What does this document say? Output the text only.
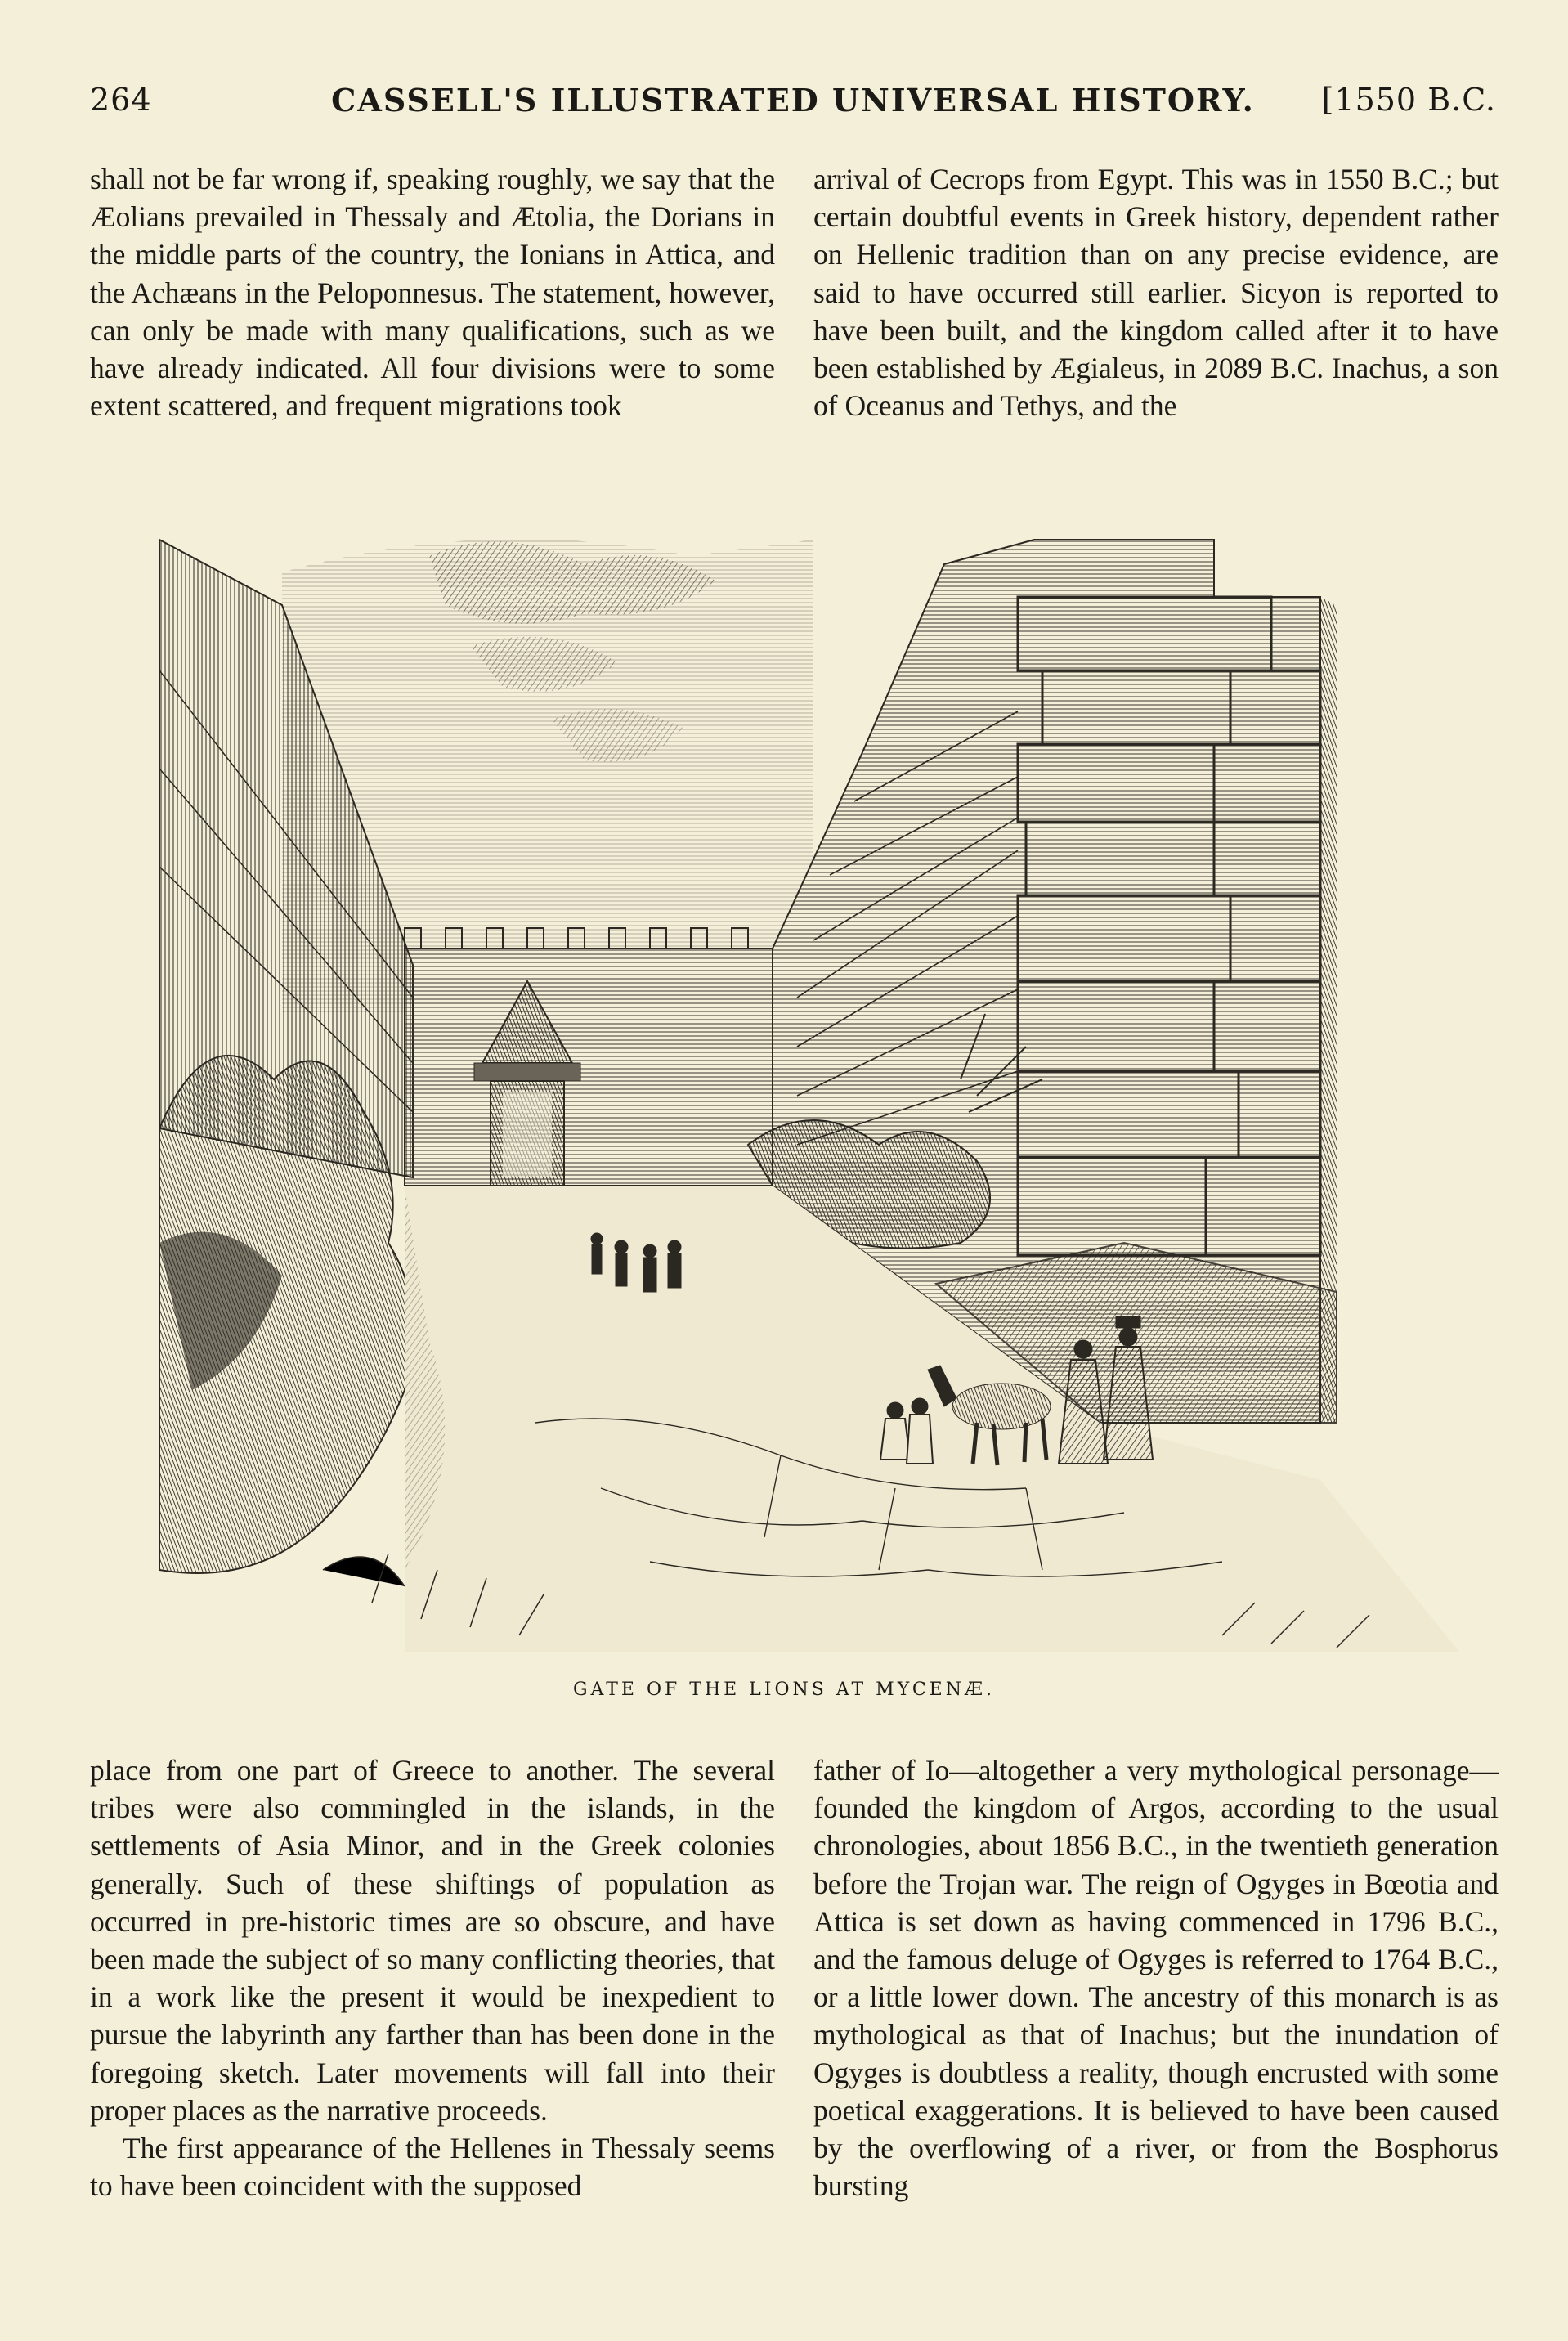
264	CASSELL'S ILLUSTRATED UNIVERSAL HISTORY.	[1550 B.C.

shall not be far wrong if, speaking roughly, we say that the Æolians prevailed in Thessaly and Ætolia, the Dorians in the middle parts of the country, the Ionians in Attica, and the Achæans in the Peloponnesus. The statement, however, can only be made with many qualifications, such as we have already indicated. All four divisions were to some extent scattered, and frequent migrations took

arrival of Cecrops from Egypt. This was in 1550 B.C.; but certain doubtful events in Greek history, dependent rather on Hellenic tradition than on any precise evidence, are said to have occurred still earlier. Sicyon is reported to have been built, and the kingdom called after it to have been established by Ægialeus, in 2089 B.C. Inachus, a son of Oceanus and Tethys, and the

GATE OF THE LIONS AT MYCENÆ.

place from one part of Greece to another. The several tribes were also commingled in the islands, in the settlements of Asia Minor, and in the Greek colonies generally. Such of these shiftings of population as occurred in pre-historic times are so obscure, and have been made the subject of so many conflicting theories, that in a work like the present it would be inexpedient to pursue the labyrinth any farther than has been done in the foregoing sketch. Later movements will fall into their proper places as the narrative proceeds.

The first appearance of the Hellenes in Thessaly seems to have been coincident with the supposed

father of Io—altogether a very mythological personage—founded the kingdom of Argos, according to the usual chronologies, about 1856 B.C., in the twentieth generation before the Trojan war. The reign of Ogyges in Bœotia and Attica is set down as having commenced in 1796 B.C., and the famous deluge of Ogyges is referred to 1764 B.C., or a little lower down. The ancestry of this monarch is as mythological as that of Inachus; but the inundation of Ogyges is doubtless a reality, though encrusted with some poetical exaggerations. It is believed to have been caused by the overflowing of a river, or from the Bosphorus bursting
